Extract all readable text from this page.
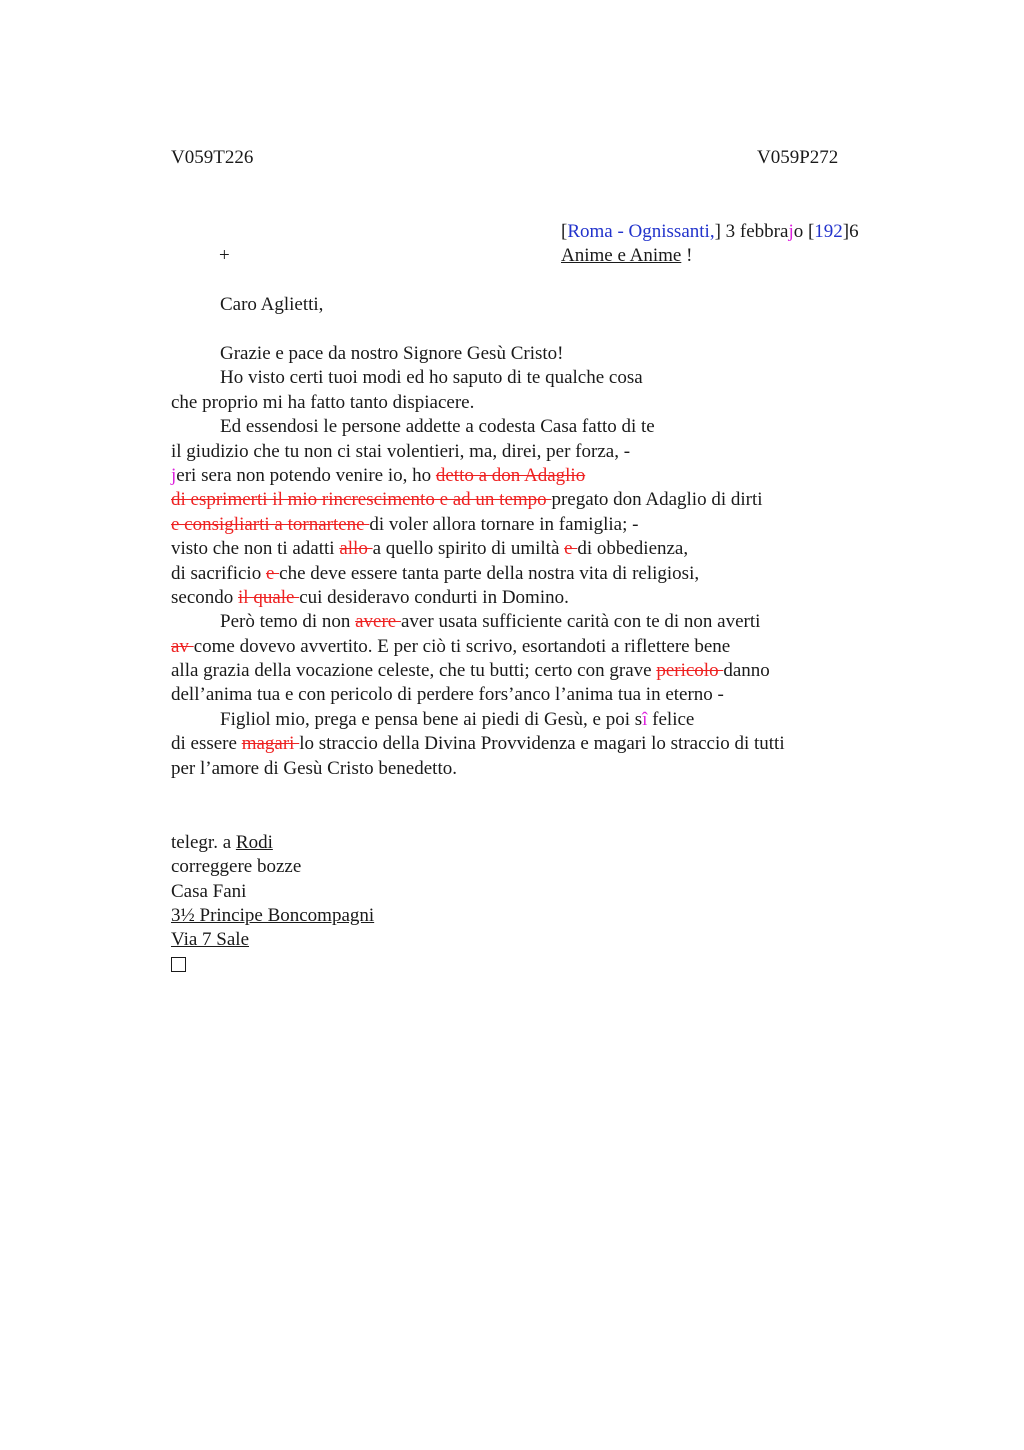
V059T226	V059P272
[Roma - Ognissanti,] 3 febbrajo [192]6
+	Anime e Anime !
Caro Aglietti,
Grazie e pace da nostro Signore Gesù Cristo!
Ho visto certi tuoi modi ed ho saputo di te qualche cosa
che proprio mi ha fatto tanto dispiacere.
Ed essendosi le persone addette a codesta Casa fatto di te
il giudizio che tu non ci stai volentieri, ma, direi, per forza, -
jeri sera non potendo venire io, ho detto a don Adaglio
di esprimerti il mio rincrescimento e ad un tempo pregato don Adaglio di dirti
e consigliarti a tornartene di voler allora tornare in famiglia; -
visto che non ti adatti allo a quello spirito di umiltà e di obbedienza,
di sacrificio e che deve essere tanta parte della nostra vita di religiosi,
secondo il quale cui desideravo condurti in Domino.
Però temo di non avere aver usata sufficiente carità con te di non averti
av come dovevo avvertito. E per ciò ti scrivo, esortandoti a riflettere bene
alla grazia della vocazione celeste, che tu butti; certo con grave pericolo danno
dell’anima tua e con pericolo di perdere fors’anco l’anima tua in eterno -
Figliol mio, prega e pensa bene ai piedi di Gesù, e poi sî felice
di essere magari lo straccio della Divina Provvidenza e magari lo straccio di tutti
per l’amore di Gesù Cristo benedetto.
telegr. a Rodi
correggere bozze
Casa Fani
3½ Principe Boncompagni
Via 7 Sale
